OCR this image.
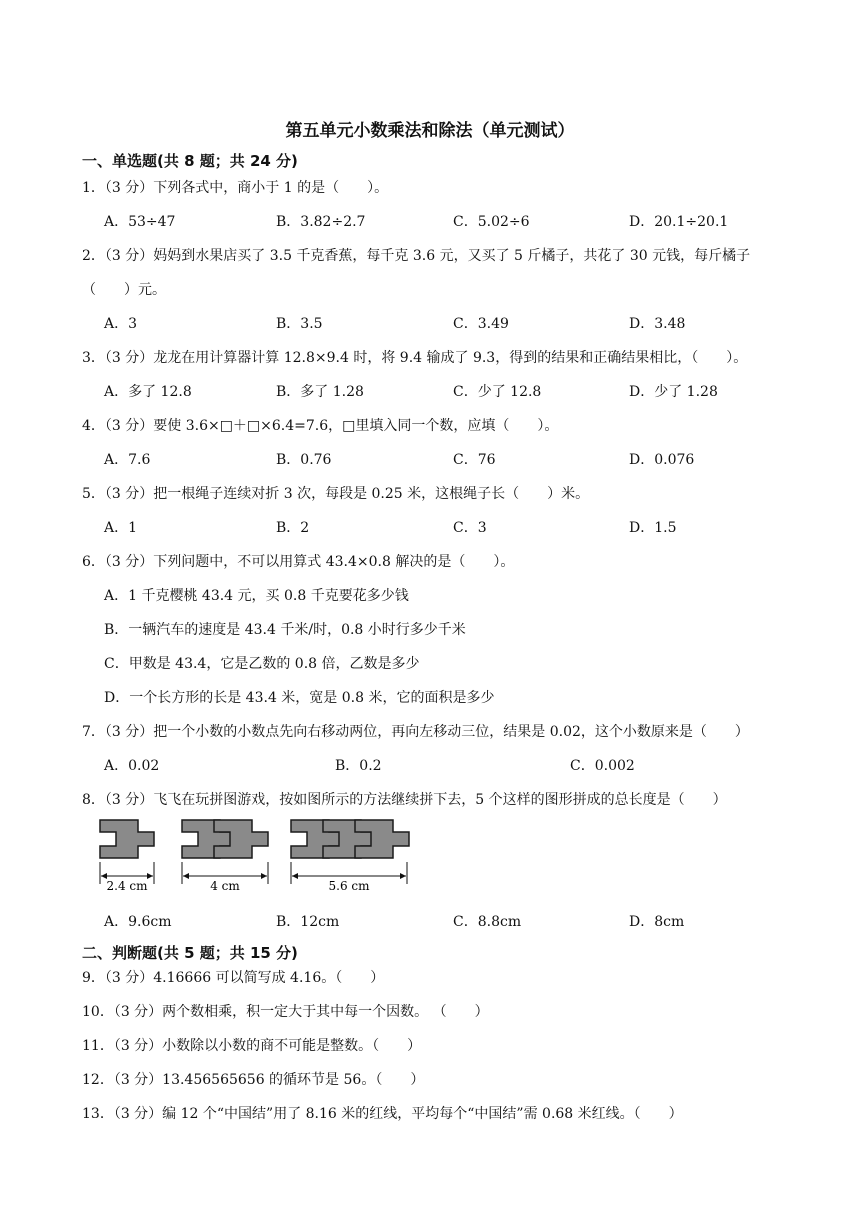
第五单元小数乘法和除法（单元测试）
一、单选题(共 8 题；共 24 分)
1．（3 分）下列各式中，商小于 1 的是（　　）。
A．53÷47	B．3.82÷2.7	C．5.02÷6	D．20.1÷20.1
2．（3 分）妈妈到水果店买了 3.5 千克香蕉，每千克 3.6 元，又买了 5 斤橘子，共花了 30 元钱，每斤橘子
（　　）元。
A．3	B．3.5	C．3.49	D．3.48
3．（3 分）龙龙在用计算器计算 12.8×9.4 时，将 9.4 输成了 9.3，得到的结果和正确结果相比，（　　）。
A．多了 12.8	B．多了 1.28	C．少了 12.8	D．少了 1.28
4．（3 分）要使 3.6×□＋□×6.4=7.6，□里填入同一个数，应填（　　）。
A．7.6	B．0.76	C．76	D．0.076
5．（3 分）把一根绳子连续对折 3 次，每段是 0.25 米，这根绳子长（　　）米。
A．1	B．2	C．3	D．1.5
6．（3 分）下列问题中，不可以用算式 43.4×0.8 解决的是（　　）。
A．1 千克樱桃 43.4 元，买 0.8 千克要花多少钱
B．一辆汽车的速度是 43.4 千米/时，0.8 小时行多少千米
C．甲数是 43.4，它是乙数的 0.8 倍，乙数是多少
D．一个长方形的长是 43.4 米，宽是 0.8 米，它的面积是多少
7．（3 分）把一个小数的小数点先向右移动两位，再向左移动三位，结果是 0.02，这个小数原来是（　　）
A．0.02	B．0.2	C．0.002
8．（3 分）飞飞在玩拼图游戏，按如图所示的方法继续拼下去，5 个这样的图形拼成的总长度是（　　）
2.4 cm	4 cm	5.6 cm
A．9.6cm	B．12cm	C．8.8cm	D．8cm
二、判断题(共 5 题；共 15 分)
9．（3 分）4.16666 可以简写成 4.16。（　　）
10．（3 分）两个数相乘，积一定大于其中每一个因数。 （　　）
11．（3 分）小数除以小数的商不可能是整数。（　　）
12．（3 分）13.456565656 的循环节是 56。（　　）
13．（3 分）编 12 个“中国结”用了 8.16 米的红线，平均每个“中国结”需 0.68 米红线。（　　）
